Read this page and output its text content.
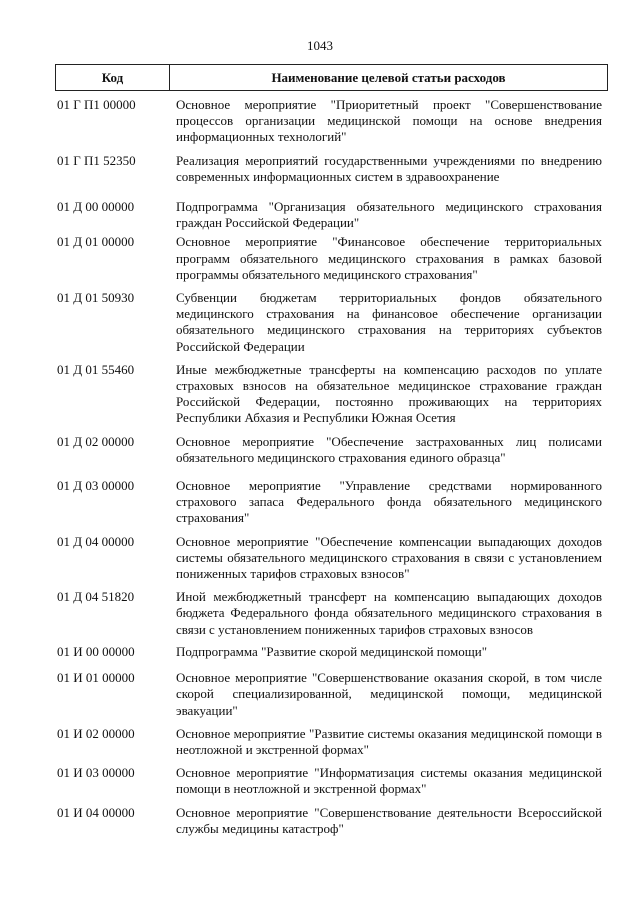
1043
Код	Наименование целевой статьи расходов
01 Г П1 00000	Основное мероприятие "Приоритетный проект "Совершенствование процессов организации медицинской помощи на основе внедрения информационных технологий"
01 Г П1 52350	Реализация мероприятий государственными учреждениями по внедрению современных информационных систем в здравоохранение
01 Д 00 00000	Подпрограмма "Организация обязательного медицинского страхования граждан Российской Федерации"
01 Д 01 00000	Основное мероприятие "Финансовое обеспечение территориальных программ обязательного медицинского страхования в рамках базовой программы обязательного медицинского страхования"
01 Д 01 50930	Субвенции бюджетам территориальных фондов обязательного медицинского страхования на финансовое обеспечение организации обязательного медицинского страхования на территориях субъектов Российской Федерации
01 Д 01 55460	Иные межбюджетные трансферты на компенсацию расходов по уплате страховых взносов на обязательное медицинское страхование граждан Российской Федерации, постоянно проживающих на территориях Республики Абхазия и Республики Южная Осетия
01 Д 02 00000	Основное мероприятие "Обеспечение застрахованных лиц полисами обязательного медицинского страхования единого образца"
01 Д 03 00000	Основное мероприятие "Управление средствами нормированного страхового запаса Федерального фонда обязательного медицинского страхования"
01 Д 04 00000	Основное мероприятие "Обеспечение компенсации выпадающих доходов системы обязательного медицинского страхования в связи с установлением пониженных тарифов страховых взносов"
01 Д 04 51820	Иной межбюджетный трансферт на компенсацию выпадающих доходов бюджета Федерального фонда обязательного медицинского страхования в связи с установлением пониженных тарифов страховых взносов
01 И 00 00000	Подпрограмма "Развитие скорой медицинской помощи"
01 И 01 00000	Основное мероприятие "Совершенствование оказания скорой, в том числе скорой специализированной, медицинской помощи, медицинской эвакуации"
01 И 02 00000	Основное мероприятие "Развитие системы оказания медицинской помощи в неотложной и экстренной формах"
01 И 03 00000	Основное мероприятие "Информатизация системы оказания медицинской помощи в неотложной и экстренной формах"
01 И 04 00000	Основное мероприятие "Совершенствование деятельности Всероссийской службы медицины катастроф"
